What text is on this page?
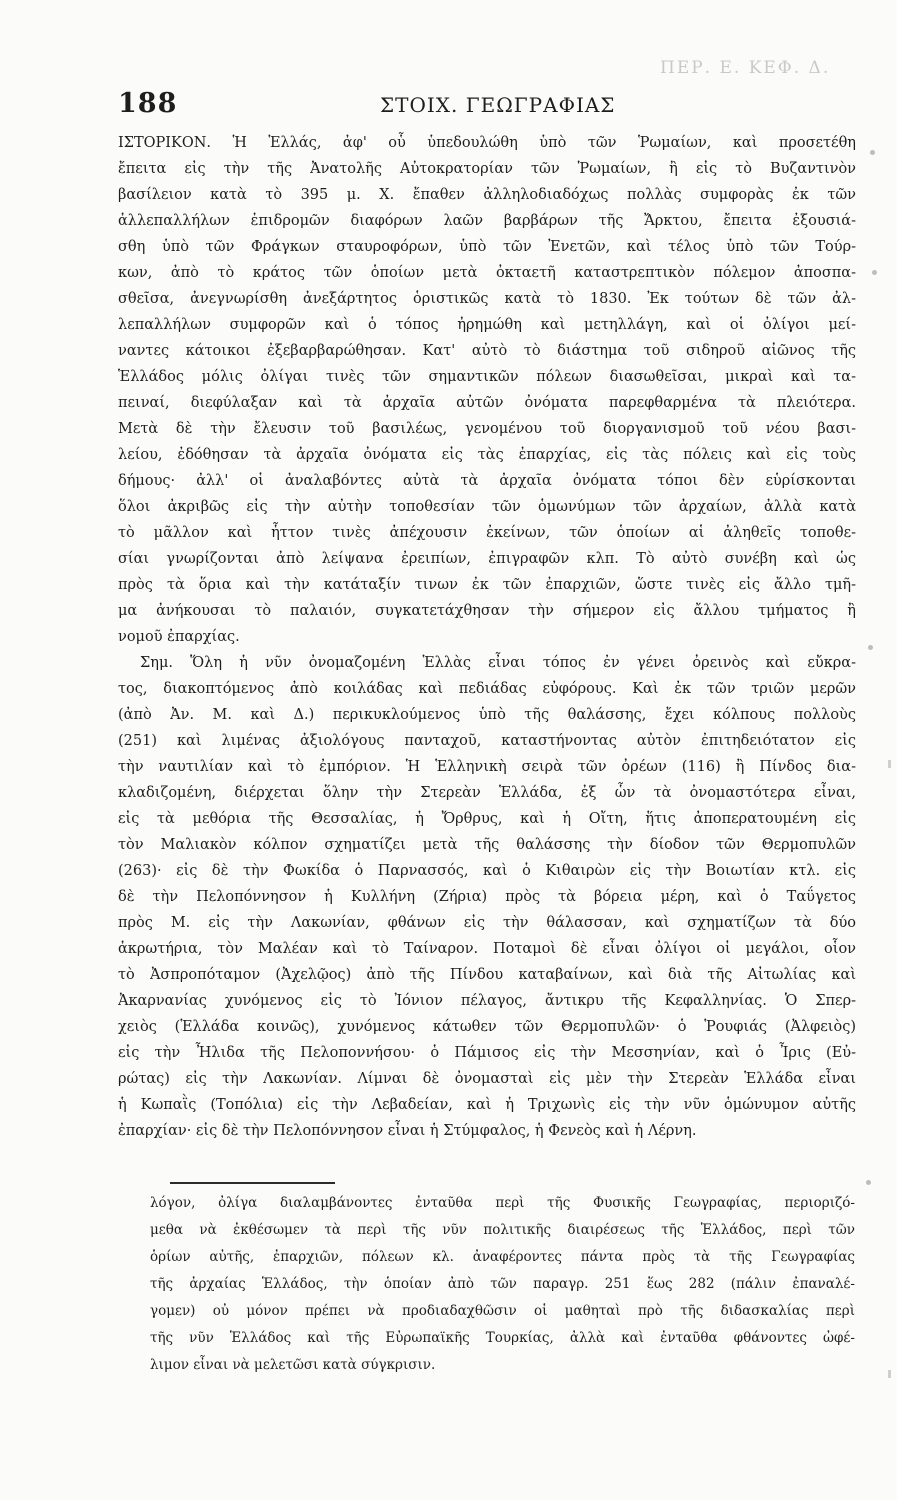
ΠΕΡ. Ε. ΚΕΦ. Δ.
188	ΣΤΟΙΧ. ΓΕΩΓΡΑΦΙΑΣ
ΙΣΤΟΡΙΚΟΝ. Ἡ Ἑλλάς, ἀφ' οὗ ὑπεδουλώθη ὑπὸ τῶν Ῥωμαίων, καὶ προσετέθη
ἔπειτα εἰς τὴν τῆς Ἀνατολῆς Αὐτοκρατορίαν τῶν Ῥωμαίων, ἢ εἰς τὸ Βυζαντινὸν
βασίλειον κατὰ τὸ 395 μ. Χ. ἔπαθεν ἀλληλοδιαδόχως πολλὰς συμφορὰς ἐκ τῶν
ἀλλεπαλλήλων ἐπιδρομῶν διαφόρων λαῶν βαρβάρων τῆς Ἄρκτου, ἔπειτα ἐξουσιά-
σθη ὑπὸ τῶν Φράγκων σταυροφόρων, ὑπὸ τῶν Ἐνετῶν, καὶ τέλος ὑπὸ τῶν Τούρ-
κων, ἀπὸ τὸ κράτος τῶν ὁποίων μετὰ ὀκταετῆ καταστρεπτικὸν πόλεμον ἀποσπα-
σθεῖσα, ἀνεγνωρίσθη ἀνεξάρτητος ὁριστικῶς κατὰ τὸ 1830. Ἐκ τούτων δὲ τῶν ἀλ-
λεπαλλήλων συμφορῶν καὶ ὁ τόπος ἠρημώθη καὶ μετηλλάγη, καὶ οἱ ὀλίγοι μεί-
ναντες κάτοικοι ἐξεβαρβαρώθησαν. Κατ' αὐτὸ τὸ διάστημα τοῦ σιδηροῦ αἰῶνος τῆς
Ἑλλάδος μόλις ὀλίγαι τινὲς τῶν σημαντικῶν πόλεων διασωθεῖσαι, μικραὶ καὶ τα-
πειναί, διεφύλαξαν καὶ τὰ ἀρχαῖα αὐτῶν ὀνόματα παρεφθαρμένα τὰ πλειότερα.
Μετὰ δὲ τὴν ἔλευσιν τοῦ βασιλέως, γενομένου τοῦ διοργανισμοῦ τοῦ νέου βασι-
λείου, ἐδόθησαν τὰ ἀρχαῖα ὀνόματα εἰς τὰς ἐπαρχίας, εἰς τὰς πόλεις καὶ εἰς τοὺς
δήμους· ἀλλ' οἱ ἀναλαβόντες αὐτὰ τὰ ἀρχαῖα ὀνόματα τόποι δὲν εὑρίσκονται
ὅλοι ἀκριβῶς εἰς τὴν αὐτὴν τοποθεσίαν τῶν ὁμωνύμων τῶν ἀρχαίων, ἀλλὰ κατὰ
τὸ μᾶλλον καὶ ἧττον τινὲς ἀπέχουσιν ἐκείνων, τῶν ὁποίων αἱ ἀληθεῖς τοποθε-
σίαι γνωρίζονται ἀπὸ λείψανα ἐρειπίων, ἐπιγραφῶν κλπ. Τὸ αὐτὸ συνέβη καὶ ὡς
πρὸς τὰ ὅρια καὶ τὴν κατάταξίν τινων ἐκ τῶν ἐπαρχιῶν, ὥστε τινὲς εἰς ἄλλο τμῆ-
μα ἀνήκουσαι τὸ παλαιόν, συγκατετάχθησαν τὴν σήμερον εἰς ἄλλου τμήματος ἢ
νομοῦ ἐπαρχίας.
Σημ. Ὅλη ἡ νῦν ὀνομαζομένη Ἑλλὰς εἶναι τόπος ἐν γένει ὀρεινὸς καὶ εὔκρα-
τος, διακοπτόμενος ἀπὸ κοιλάδας καὶ πεδιάδας εὐφόρους. Καὶ ἐκ τῶν τριῶν μερῶν
(ἀπὸ Ἀν. Μ. καὶ Δ.) περικυκλούμενος ὑπὸ τῆς θαλάσσης, ἔχει κόλπους πολλοὺς
(251) καὶ λιμένας ἀξιολόγους πανταχοῦ, καταστήνοντας αὐτὸν ἐπιτηδειότατον εἰς
τὴν ναυτιλίαν καὶ τὸ ἐμπόριον. Ἡ Ἑλληνικὴ σειρὰ τῶν ὀρέων (116) ἢ Πίνδος δια-
κλαδιζομένη, διέρχεται ὅλην τὴν Στερεὰν Ἑλλάδα, ἐξ ὧν τὰ ὀνομαστότερα εἶναι,
εἰς τὰ μεθόρια τῆς Θεσσαλίας, ἡ Ὄρθρυς, καὶ ἡ Οἴτη, ἥτις ἀποπερατουμένη εἰς
τὸν Μαλιακὸν κόλπον σχηματίζει μετὰ τῆς θαλάσσης τὴν δίοδον τῶν Θερμοπυλῶν
(263)· εἰς δὲ τὴν Φωκίδα ὁ Παρνασσός, καὶ ὁ Κιθαιρὼν εἰς τὴν Βοιωτίαν κτλ. εἰς
δὲ τὴν Πελοπόννησον ἡ Κυλλήνη (Ζήρια) πρὸς τὰ βόρεια μέρη, καὶ ὁ Ταΰγετος
πρὸς Μ. εἰς τὴν Λακωνίαν, φθάνων εἰς τὴν θάλασσαν, καὶ σχηματίζων τὰ δύο
ἀκρωτήρια, τὸν Μαλέαν καὶ τὸ Ταίναρον. Ποταμοὶ δὲ εἶναι ὀλίγοι οἱ μεγάλοι, οἷον
τὸ Ἀσπροπόταμον (Ἀχελῷος) ἀπὸ τῆς Πίνδου καταβαίνων, καὶ διὰ τῆς Αἰτωλίας καὶ
Ἀκαρνανίας χυνόμενος εἰς τὸ Ἰόνιον πέλαγος, ἄντικρυ τῆς Κεφαλληνίας. Ὁ Σπερ-
χειὸς (Ἑλλάδα κοινῶς), χυνόμενος κάτωθεν τῶν Θερμοπυλῶν· ὁ Ῥουφιάς (Ἀλφειὸς)
εἰς τὴν Ἦλιδα τῆς Πελοποννήσου· ὁ Πάμισος εἰς τὴν Μεσσηνίαν, καὶ ὁ Ἶρις (Εὐ-
ρώτας) εἰς τὴν Λακωνίαν. Λίμναι δὲ ὀνομασταὶ εἰς μὲν τὴν Στερεὰν Ἑλλάδα εἶναι
ἡ Κωπαῒς (Τοπόλια) εἰς τὴν Λεβαδείαν, καὶ ἡ Τριχωνὶς εἰς τὴν νῦν ὁμώνυμον αὐτῆς
ἐπαρχίαν· εἰς δὲ τὴν Πελοπόννησον εἶναι ἡ Στύμφαλος, ἡ Φενεὸς καὶ ἡ Λέρνη.
λόγον, ὀλίγα διαλαμβάνοντες ἐνταῦθα περὶ τῆς Φυσικῆς Γεωγραφίας, περιοριζό-
μεθα νὰ ἐκθέσωμεν τὰ περὶ τῆς νῦν πολιτικῆς διαιρέσεως τῆς Ἑλλάδος, περὶ τῶν
ὁρίων αὐτῆς, ἐπαρχιῶν, πόλεων κλ. ἀναφέροντες πάντα πρὸς τὰ τῆς Γεωγραφίας
τῆς ἀρχαίας Ἑλλάδος, τὴν ὁποίαν ἀπὸ τῶν παραγρ. 251 ἕως 282 (πάλιν ἐπαναλέ-
γομεν) οὐ μόνον πρέπει νὰ προδιαδαχθῶσιν οἱ μαθηταὶ πρὸ τῆς διδασκαλίας περὶ
τῆς νῦν Ἑλλάδος καὶ τῆς Εὐρωπαϊκῆς Τουρκίας, ἀλλὰ καὶ ἐνταῦθα φθάνοντες ὠφέ-
λιμον εἶναι νὰ μελετῶσι κατὰ σύγκρισιν.
